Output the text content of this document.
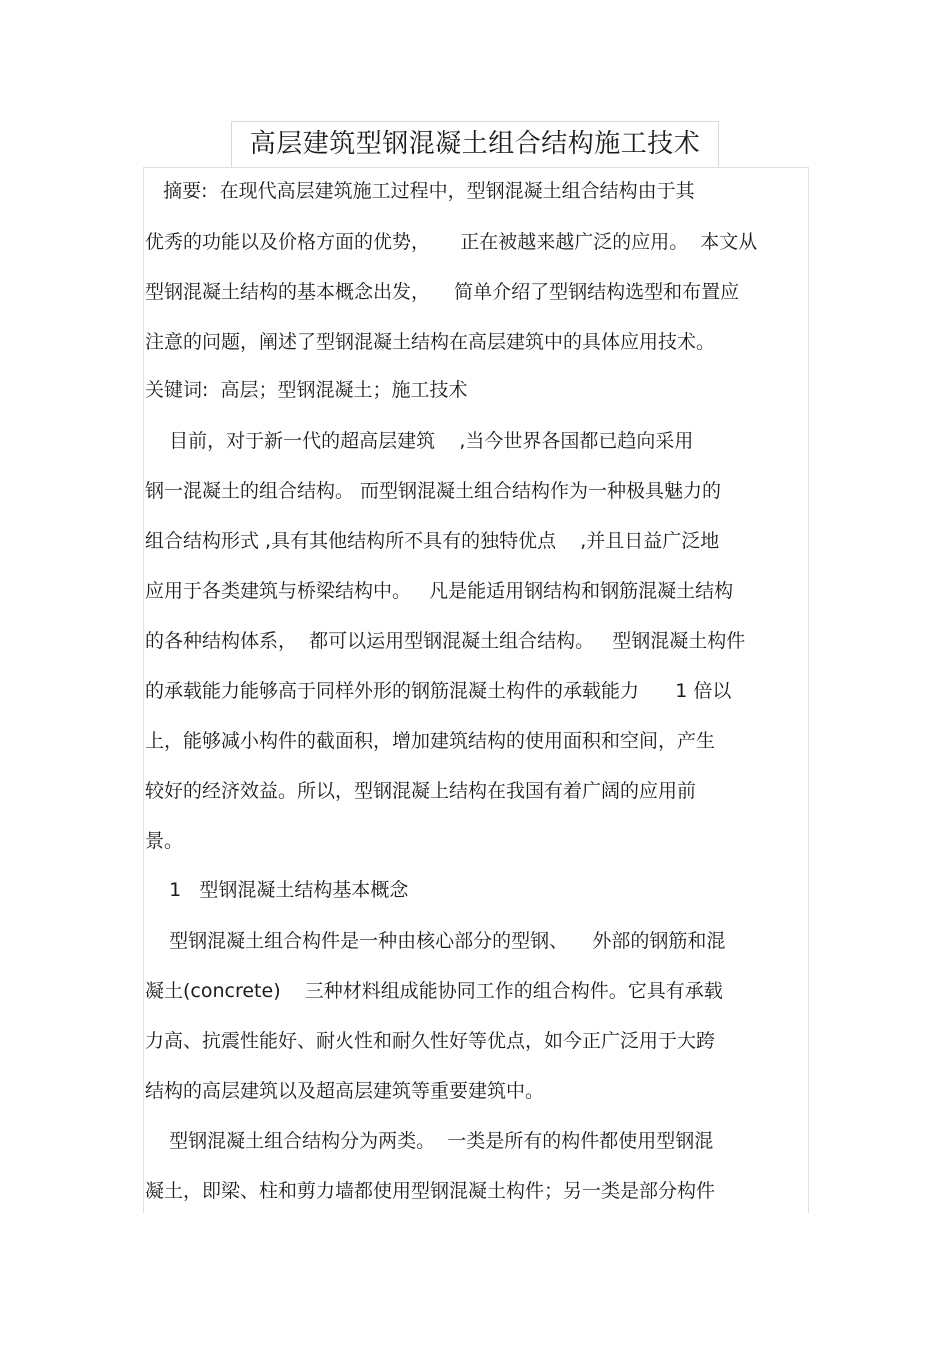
高层建筑型钢混凝土组合结构施工技术
摘要:  在现代高层建筑施工过程中，型钢混凝土组合结构由于其
优秀的功能以及价格方面的优势，     正在被越来越广泛的应用。  本文从
型钢混凝土结构的基本概念出发，    简单介绍了型钢结构选型和布置应
注意的问题，阐述了型钢混凝土结构在高层建筑中的具体应用技术。
关键词:  高层；型钢混凝土；施工技术
目前，对于新一代的超高层建筑    ,当今世界各国都已趋向采用
钢一混凝土的组合结构。 而型钢混凝土组合结构作为一种极具魅力的
组合结构形式 ,具有其他结构所不具有的独特优点    ,并且日益广泛地
应用于各类建筑与桥梁结构中。   凡是能适用钢结构和钢筋混凝土结构
的各种结构体系，  都可以运用型钢混凝土组合结构。   型钢混凝土构件
的承载能力能够高于同样外形的钢筋混凝土构件的承载能力      1 倍以
上，能够减小构件的截面积，增加建筑结构的使用面积和空间，产生
较好的经济效益。所以，型钢混凝上结构在我国有着广阔的应用前
景。
1   型钢混凝土结构基本概念
型钢混凝土组合构件是一种由核心部分的型钢、    外部的钢筋和混
凝土(concrete)    三种材料组成能协同工作的组合构件。它具有承载
力高、抗震性能好、耐火性和耐久性好等优点，如今正广泛用于大跨
结构的高层建筑以及超高层建筑等重要建筑中。
型钢混凝土组合结构分为两类。  一类是所有的构件都使用型钢混
凝土，即梁、柱和剪力墙都使用型钢混凝土构件；另一类是部分构件
